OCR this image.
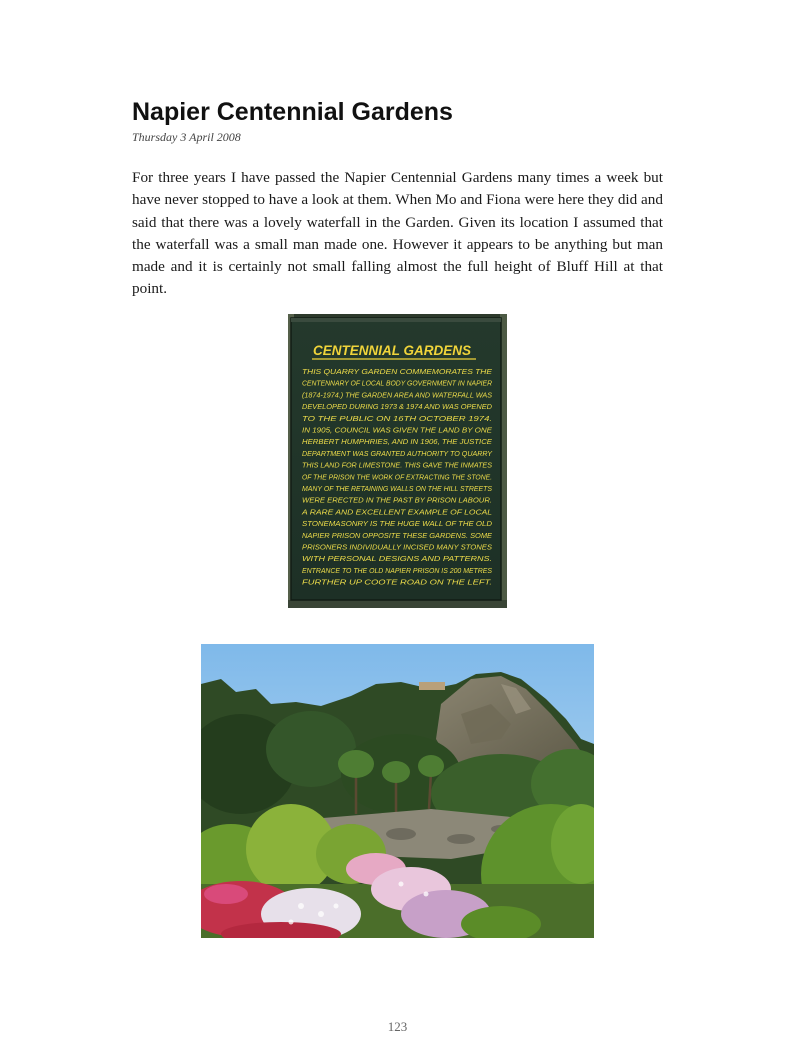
Napier Centennial Gardens
Thursday 3 April 2008

For three years I have passed the Napier Centennial Gardens many times a week but have never stopped to have a look at them. When Mo and Fiona were here they did and said that there was a lovely waterfall in the Garden. Given its location I assumed that the waterfall was a small man made one. However it appears to be anything but man made and it is certainly not small falling almost the full height of Bluff Hill at that point.

CENTENNIAL GARDENS
THIS QUARRY GARDEN COMMEMORATES THE
CENTENNARY OF LOCAL BODY GOVERNMENT IN NAPIER
(1874-1974.) THE GARDEN AREA AND WATERFALL WAS
DEVELOPED DURING 1973 & 1974 AND WAS OPENED
TO THE PUBLIC ON 16TH OCTOBER 1974.
IN 1905, COUNCIL WAS GIVEN THE LAND BY ONE
HERBERT HUMPHRIES, AND IN 1906, THE JUSTICE
DEPARTMENT WAS GRANTED AUTHORITY TO QUARRY
THIS LAND FOR LIMESTONE. THIS GAVE THE INMATES
OF THE PRISON THE WORK OF EXTRACTING THE STONE.
MANY OF THE RETAINING WALLS ON THE HILL STREETS
WERE ERECTED IN THE PAST BY PRISON LABOUR.
A RARE AND EXCELLENT EXAMPLE OF LOCAL
STONEMASONRY IS THE HUGE WALL OF THE OLD
NAPIER PRISON OPPOSITE THESE GARDENS. SOME
PRISONERS INDIVIDUALLY INCISED MANY STONES
WITH PERSONAL DESIGNS AND PATTERNS.
ENTRANCE TO THE OLD NAPIER PRISON IS 200 METRES
FURTHER UP COOTE ROAD ON THE LEFT.
123
